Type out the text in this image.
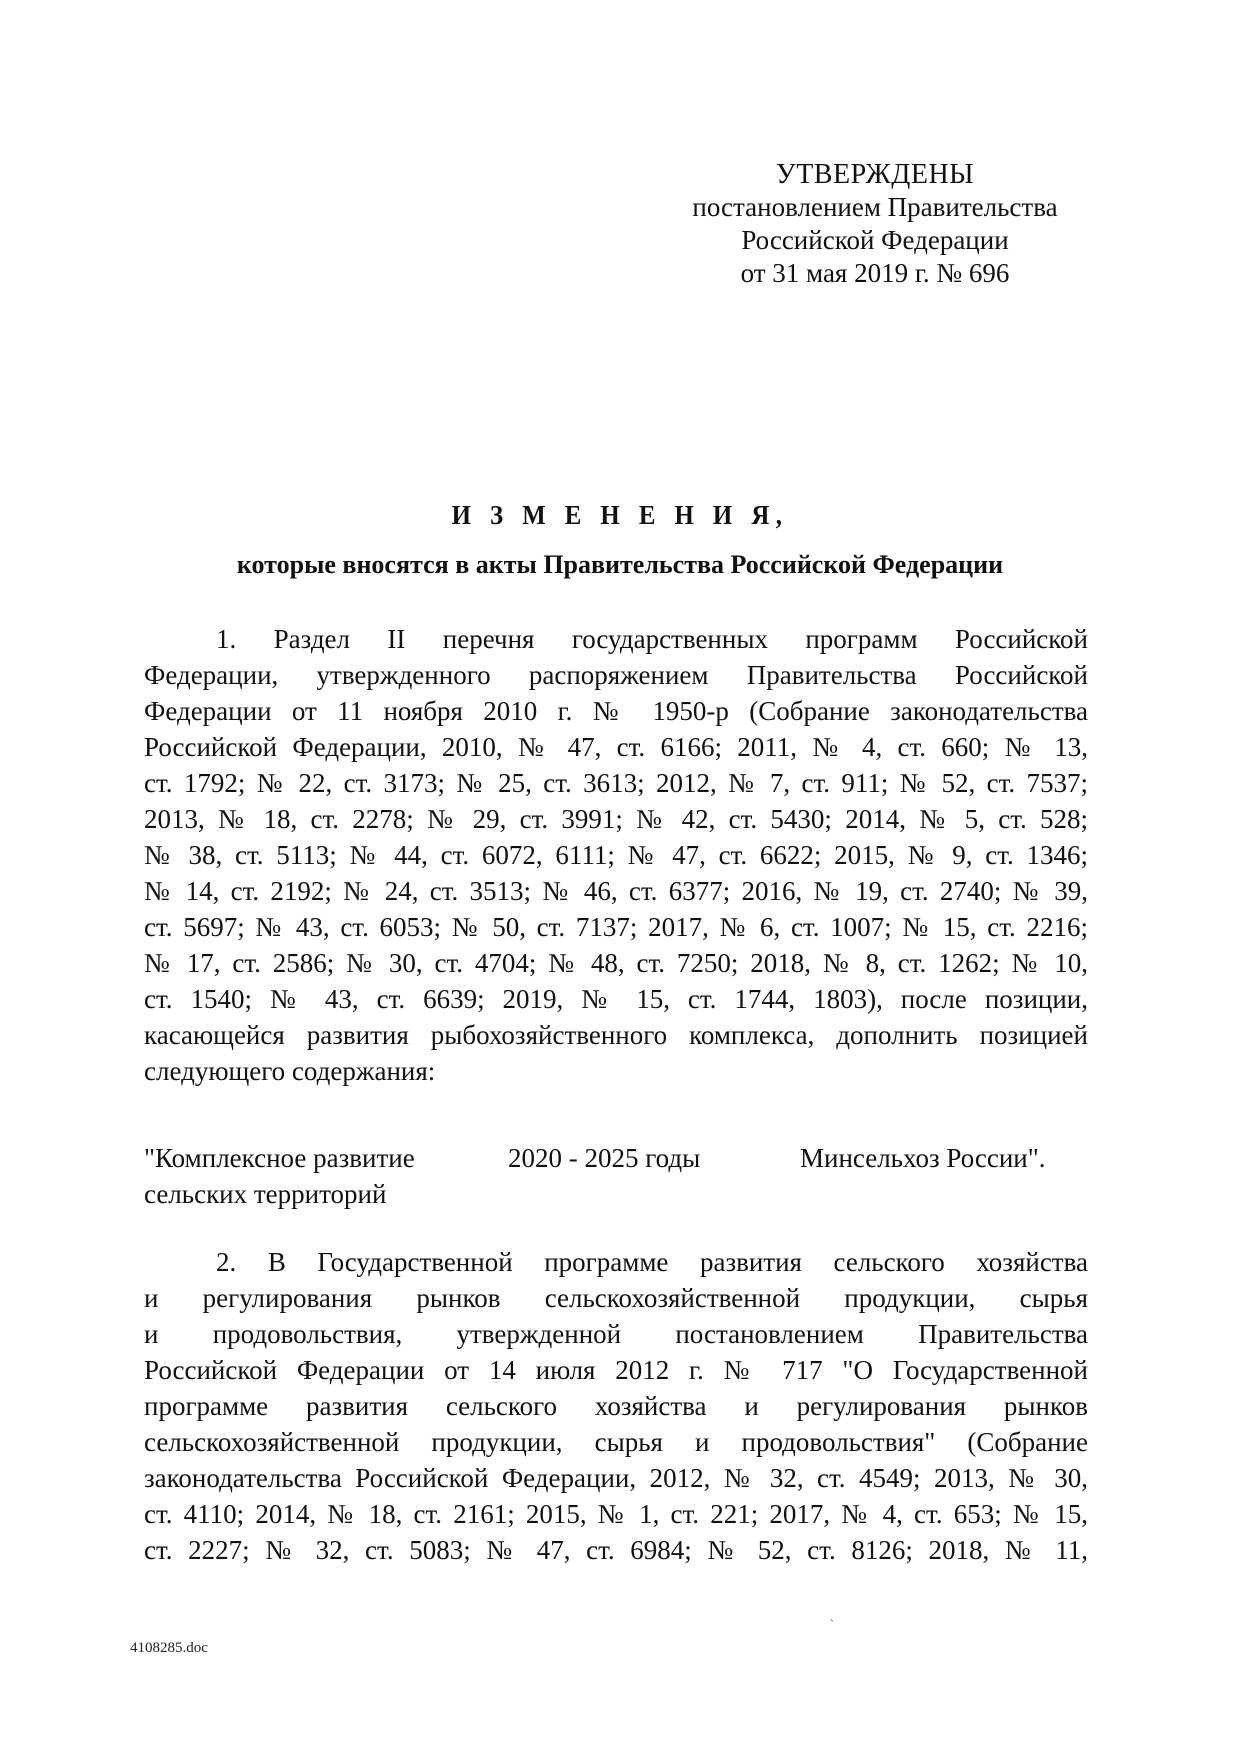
УТВЕРЖДЕНЫ
постановлением Правительства
Российской Федерации
от 31 мая 2019 г. № 696
И З М Е Н Е Н И Я,
которые вносятся в акты Правительства Российской Федерации
1. Раздел II перечня государственных программ Российской
Федерации, утвержденного распоряжением Правительства Российской
Федерации от 11 ноября 2010 г. № 1950-р (Собрание законодательства
Российской Федерации, 2010, № 47, ст. 6166; 2011, № 4, ст. 660; № 13,
ст. 1792; № 22, ст. 3173; № 25, ст. 3613; 2012, № 7, ст. 911; № 52, ст. 7537;
2013, № 18, ст. 2278; № 29, ст. 3991; № 42, ст. 5430; 2014, № 5, ст. 528;
№ 38, ст. 5113; № 44, ст. 6072, 6111; № 47, ст. 6622; 2015, № 9, ст. 1346;
№ 14, ст. 2192; № 24, ст. 3513; № 46, ст. 6377; 2016, № 19, ст. 2740; № 39,
ст. 5697; № 43, ст. 6053; № 50, ст. 7137; 2017, № 6, ст. 1007; № 15, ст. 2216;
№ 17, ст. 2586; № 30, ст. 4704; № 48, ст. 7250; 2018, № 8, ст. 1262; № 10,
ст. 1540; № 43, ст. 6639; 2019, № 15, ст. 1744, 1803), после позиции,
касающейся развития рыбохозяйственного комплекса, дополнить позицией
следующего содержания:
"Комплексное развитие
сельских территорий
2020 - 2025 годы	Минсельхоз России".
2. В Государственной программе развития сельского хозяйства
и регулирования рынков сельскохозяйственной продукции, сырья
и продовольствия, утвержденной постановлением Правительства
Российской Федерации от 14 июля 2012 г. № 717 "О Государственной
программе развития сельского хозяйства и регулирования рынков
сельскохозяйственной продукции, сырья и продовольствия" (Собрание
законодательства Российской Федерации, 2012, № 32, ст. 4549; 2013, № 30,
ст. 4110; 2014, № 18, ст. 2161; 2015, № 1, ст. 221; 2017, № 4, ст. 653; № 15,
ст. 2227; № 32, ст. 5083; № 47, ст. 6984; № 52, ст. 8126; 2018, № 11,
`
4108285.doc
